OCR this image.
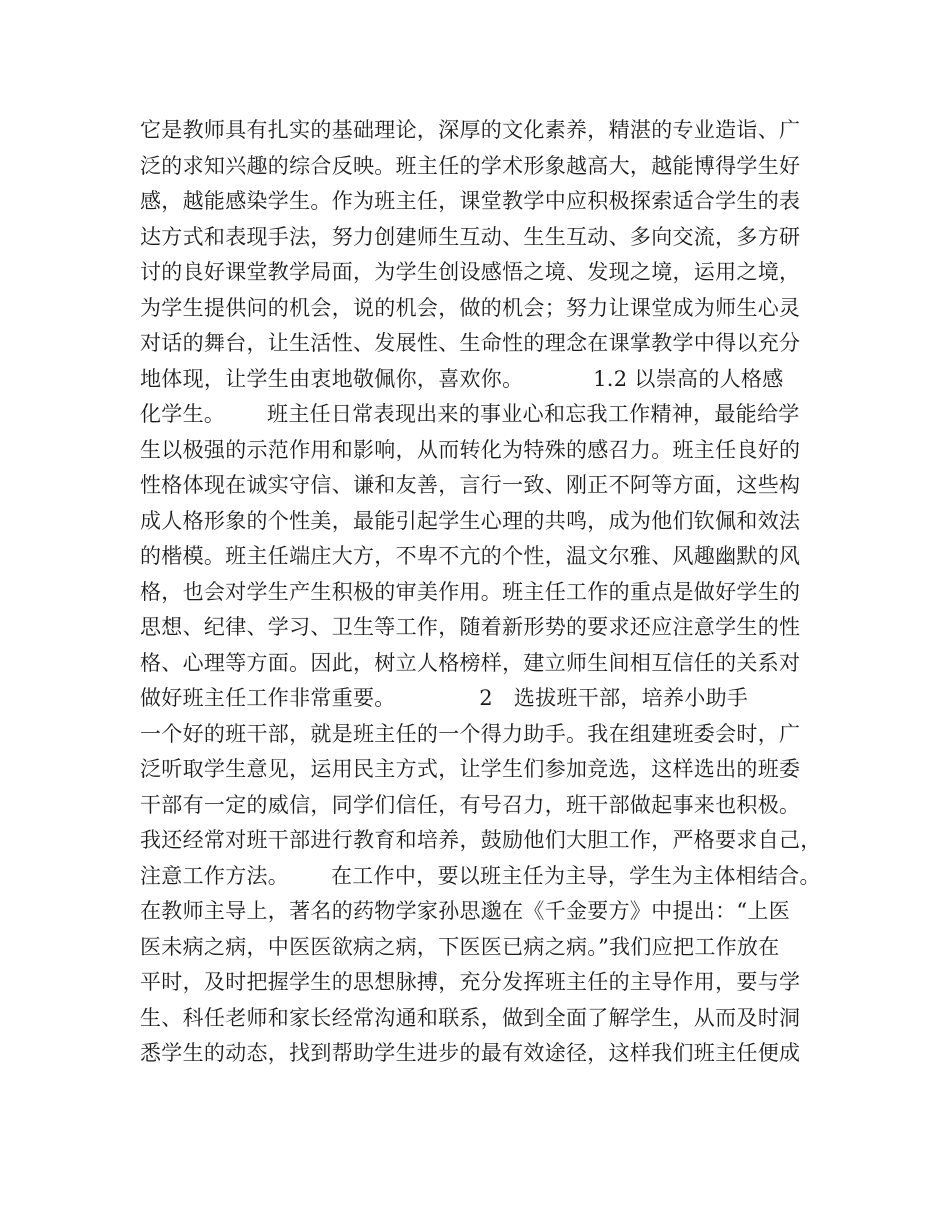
它是教师具有扎实的基础理论，深厚的文化素养，精湛的专业造诣、广
泛的求知兴趣的综合反映。班主任的学术形象越高大，越能博得学生好
感，越能感染学生。作为班主任，课堂教学中应积极探索适合学生的表
达方式和表现手法，努力创建师生互动、生生互动、多向交流，多方研
讨的良好课堂教学局面，为学生创设感悟之境、发现之境，运用之境，
为学生提供问的机会，说的机会，做的机会；努力让课堂成为师生心灵
对话的舞台，让生活性、发展性、生命性的理念在课掌教学中得以充分
地体现，让学生由衷地敬佩你，喜欢你。          1.2 以崇高的人格感
化学生。      班主任日常表现出来的事业心和忘我工作精神，最能给学
生以极强的示范作用和影响，从而转化为特殊的感召力。班主任良好的
性格体现在诚实守信、谦和友善，言行一致、刚正不阿等方面，这些构
成人格形象的个性美，最能引起学生心理的共鸣，成为他们钦佩和效法
的楷模。班主任端庄大方，不卑不亢的个性，温文尔雅、风趣幽默的风
格，也会对学生产生积极的审美作用。班主任工作的重点是做好学生的
思想、纪律、学习、卫生等工作，随着新形势的要求还应注意学生的性
格、心理等方面。因此，树立人格榜样，建立师生间相互信任的关系对
做好班主任工作非常重要。            2   选拔班干部，培养小助手
一个好的班干部，就是班主任的一个得力助手。我在组建班委会时，广
泛听取学生意见，运用民主方式，让学生们参加竞选，这样选出的班委
干部有一定的威信，同学们信任，有号召力，班干部做起事来也积极。
我还经常对班干部进行教育和培养，鼓励他们大胆工作，严格要求自己，
注意工作方法。      在工作中，要以班主任为主导，学生为主体相结合。
在教师主导上，著名的药物学家孙思邈在《千金要方》中提出：“上医
医未病之病，中医医欲病之病，下医医已病之病。”我们应把工作放在
平时，及时把握学生的思想脉搏，充分发挥班主任的主导作用，要与学
生、科任老师和家长经常沟通和联系，做到全面了解学生，从而及时洞
悉学生的动态，找到帮助学生进步的最有效途径，这样我们班主任便成
